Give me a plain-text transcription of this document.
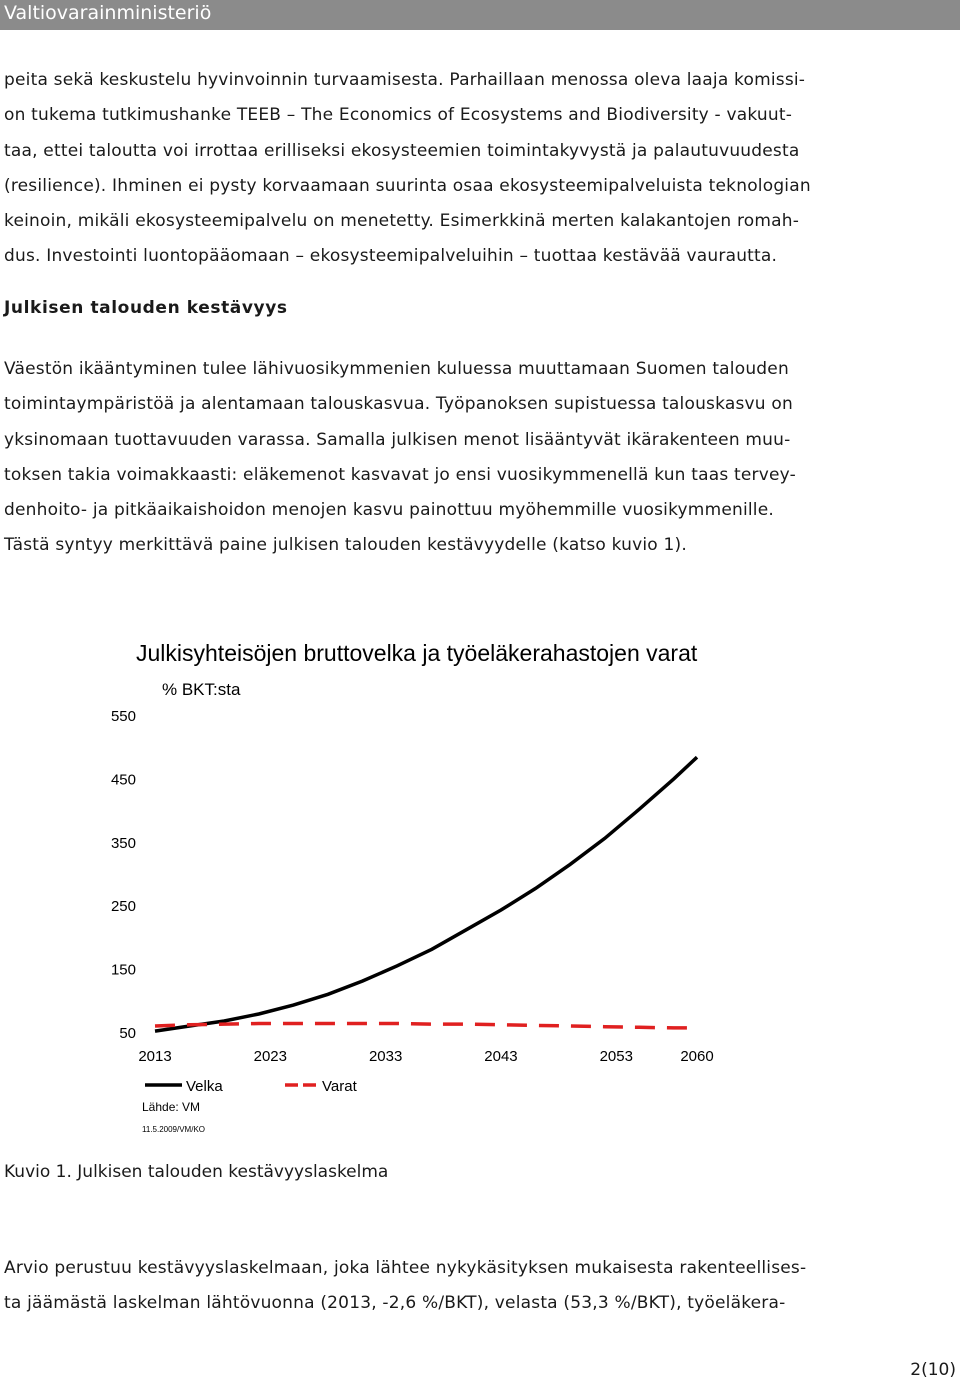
Valtiovarainministeriö
peita sekä keskustelu hyvinvoinnin turvaamisesta. Parhaillaan menossa oleva laaja komissi-
on tukema tutkimushanke TEEB – The Economics of Ecosystems and Biodiversity - vakuut-
taa, ettei taloutta voi irrottaa erilliseksi ekosysteemien toimintakyvystä ja palautuvuudesta
(resilience). Ihminen ei pysty korvaamaan suurinta osaa ekosysteemipalveluista teknologian
keinoin, mikäli ekosysteemipalvelu on menetetty. Esimerkkinä merten kalakantojen romah-
dus. Investointi luontopääomaan – ekosysteemipalveluihin – tuottaa kestävää vaurautta.
Julkisen talouden kestävyys
Väestön ikääntyminen tulee lähivuosikymmenien kuluessa muuttamaan Suomen talouden
toimintaympäristöä ja alentamaan talouskasvua. Työpanoksen supistuessa talouskasvu on
yksinomaan tuottavuuden varassa. Samalla julkisen menot lisääntyvät ikärakenteen muu-
toksen takia voimakkaasti: eläkemenot kasvavat jo ensi vuosikymmenellä kun taas tervey-
denhoito- ja pitkäaikaishoidon menojen kasvu painottuu myöhemmille vuosikymmenille.
Tästä syntyy merkittävä paine julkisen talouden kestävyydelle (katso kuvio 1).
Julkisyhteisöjen bruttovelka ja työeläkerahastojen varat
% BKT:sta
550
450
350
250
150
50
2013	2023	2033	2043	2053	2060
Velka	Varat
Lähde: VM
11.5.2009/VM/KO
Kuvio 1. Julkisen talouden kestävyyslaskelma
Arvio perustuu kestävyyslaskelmaan, joka lähtee nykykäsityksen mukaisesta rakenteellises-
ta jäämästä laskelman lähtövuonna (2013, -2,6 %/BKT), velasta (53,3 %/BKT), työeläkera-
2(10)
